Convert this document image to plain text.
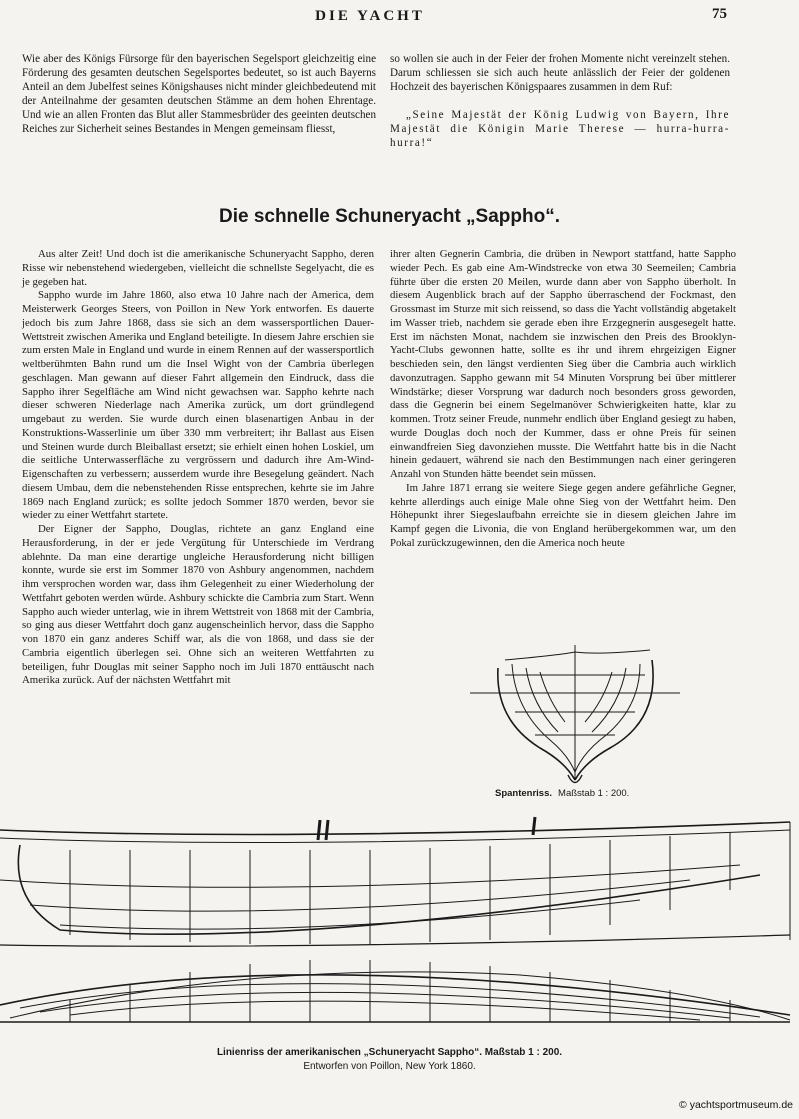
DIE YACHT	75

Wie aber des Königs Fürsorge für den bayerischen Segelsport gleichzeitig eine Förderung des gesamten deutschen Segelsportes bedeutet, so ist auch Bayerns Anteil an dem Jubelfest seines Königshauses nicht minder gleichbedeutend mit der Anteilnahme der gesamten deutschen Stämme an dem hohen Ehrentage. Und wie an allen Fronten das Blut aller Stammesbrüder des geeinten deutschen Reiches zur Sicherheit seines Bestandes in Mengen gemeinsam fliesst,

so wollen sie auch in der Feier der frohen Momente nicht vereinzelt stehen. Darum schliessen sie sich auch heute anlässlich der Feier der goldenen Hochzeit des bayerischen Königspaares zusammen in dem Ruf:

„Seine Majestät der König Ludwig von Bayern, Ihre Majestät die Königin Marie Therese — hurra-hurra-hurra!“

Die schnelle Schuneryacht „Sappho“.

Aus alter Zeit! Und doch ist die amerikanische Schuneryacht Sappho, deren Risse wir nebenstehend wiedergeben, vielleicht die schnellste Segelyacht, die es je gegeben hat.

Sappho wurde im Jahre 1860, also etwa 10 Jahre nach der America, dem Meisterwerk Georges Steers, von Poillon in New York entworfen. Es dauerte jedoch bis zum Jahre 1868, dass sie sich an dem wassersportlichen Dauer-Wettstreit zwischen Amerika und England beteiligte. In diesem Jahre erschien sie zum ersten Male in England und wurde in einem Rennen auf der wassersportlich weltberühmten Bahn rund um die Insel Wight von der Cambria überlegen geschlagen. Man gewann auf dieser Fahrt allgemein den Eindruck, dass die Sappho ihrer Segelfläche am Wind nicht gewachsen war. Sappho kehrte nach dieser schweren Niederlage nach Amerika zurück, um dort gründlegend umgebaut zu werden. Sie wurde durch einen blasenartigen Anbau in der Konstruktions-Wasserlinie um über 330 mm verbreitert; ihr Ballast aus Eisen und Steinen wurde durch Bleiballast ersetzt; sie erhielt einen hohen Loskiel, um die seitliche Unterwasserfläche zu vergrössern und dadurch ihre Am-Wind-Eigenschaften zu verbessern; ausserdem wurde ihre Besegelung geändert. Nach diesem Umbau, dem die nebenstehenden Risse entsprechen, kehrte sie im Jahre 1869 nach England zurück; es sollte jedoch Sommer 1870 werden, bevor sie wieder zu einer Wettfahrt startete.

Der Eigner der Sappho, Douglas, richtete an ganz England eine Herausforderung, in der er jede Vergütung für Unterschiede im Verdrang ablehnte. Da man eine derartige ungleiche Herausforderung nicht billigen konnte, wurde sie erst im Sommer 1870 von Ashbury angenommen, nachdem ihm versprochen worden war, dass ihm Gelegenheit zu einer Wiederholung der Wettfahrt geboten werden würde. Ashbury schickte die Cambria zum Start. Wenn Sappho auch wieder unterlag, wie in ihrem Wettstreit von 1868 mit der Cambria, so ging aus dieser Wettfahrt doch ganz augenscheinlich hervor, dass die Sappho von 1870 ein ganz anderes Schiff war, als die von 1868, und dass sie der Cambria eigentlich überlegen sei. Ohne sich an weiteren Wettfahrten zu beteiligen, fuhr Douglas mit seiner Sappho noch im Juli 1870 enttäuscht nach Amerika zurück. Auf der nächsten Wettfahrt mit

ihrer alten Gegnerin Cambria, die drüben in Newport stattfand, hatte Sappho wieder Pech. Es gab eine Am-Windstrecke von etwa 30 Seemeilen; Cambria führte über die ersten 20 Meilen, wurde dann aber von Sappho überholt. In diesem Augenblick brach auf der Sappho überraschend der Fockmast, den Grossmast im Sturze mit sich reissend, so dass die Yacht vollständig abgetakelt im Wasser trieb, nachdem sie gerade eben ihre Erzgegnerin ausgesegelt hatte. Erst im nächsten Monat, nachdem sie inzwischen den Preis des Brooklyn-Yacht-Clubs gewonnen hatte, sollte es ihr und ihrem ehrgeizigen Eigner beschieden sein, den längst verdienten Sieg über die Cambria auch wirklich davonzutragen. Sappho gewann mit 54 Minuten Vorsprung bei über mittlerer Windstärke; dieser Vorsprung war dadurch noch besonders gross geworden, dass die Gegnerin bei einem Segelmanöver Schwierigkeiten hatte, klar zu kommen. Trotz seiner Freude, nunmehr endlich über England gesiegt zu haben, wurde Douglas doch noch der Kummer, dass er ohne Preis für seinen einwandfreien Sieg davonziehen musste. Die Wettfahrt hatte bis in die Nacht hinein gedauert, während sie nach den Bestimmungen nach einer geringeren Anzahl von Stunden hätte beendet sein müssen.

Im Jahre 1871 errang sie weitere Siege gegen andere gefährliche Gegner, kehrte allerdings auch einige Male ohne Sieg von der Wettfahrt heim. Den Höhepunkt ihrer Siegeslaufbahn erreichte sie in diesem gleichen Jahre im Kampf gegen die Livonia, die von England herübergekommen war, um den Pokal zurückzugewinnen, den die America noch heute

Spantenriss. Maßstab 1 : 200.
Linienriss der amerikanischen „Schuneryacht Sappho“. Maßstab 1 : 200.
Entworfen von Poillon, New York 1860.
© yachtsportmuseum.de
